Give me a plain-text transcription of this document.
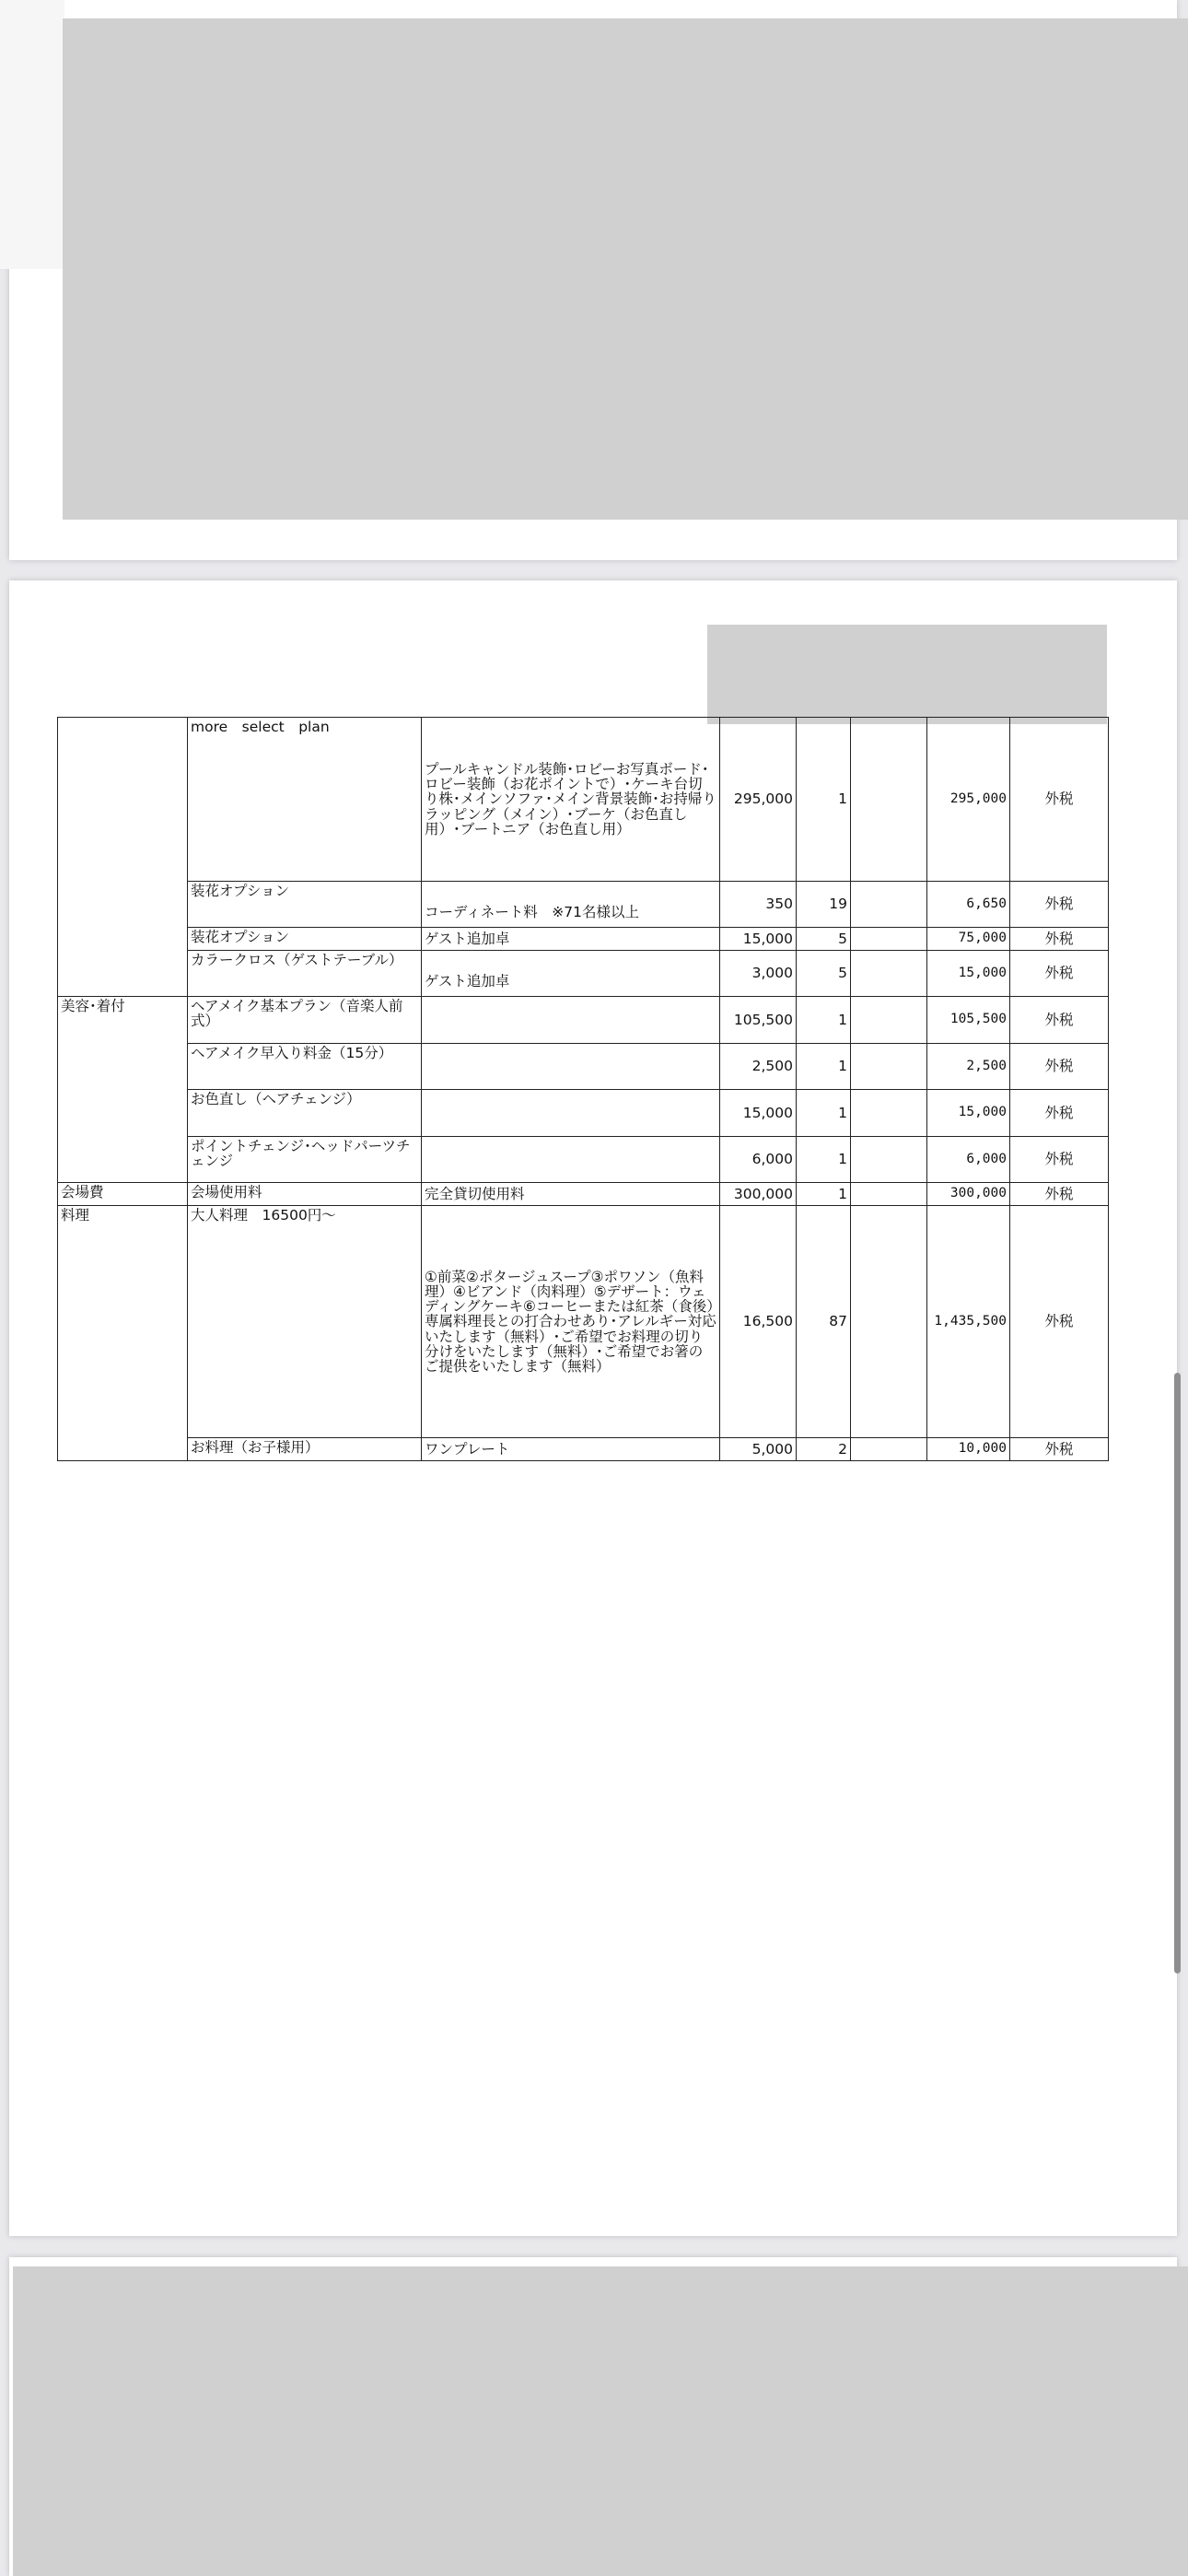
	more　select　plan	プールキャンドル装飾･ロビーお写真ボード･ロビー装飾（お花ポイントで）･ケーキ台切り株･メインソファ･メイン背景装飾･お持帰りラッピング（メイン）･ブーケ（お色直し用）･ブートニア（お色直し用）	295,000	1		295,000	外税
	装花オプション	コーディネート料　※71名様以上	350	19		6,650	外税
	装花オプション	ゲスト追加卓	15,000	5		75,000	外税
	カラークロス（ゲストテーブル）	ゲスト追加卓	3,000	5		15,000	外税
美容･着付	ヘアメイク基本プラン（音楽人前式）		105,500	1		105,500	外税
	ヘアメイク早入り料金（15分）		2,500	1		2,500	外税
	お色直し（ヘアチェンジ）		15,000	1		15,000	外税
	ポイントチェンジ･ヘッドパーツチェンジ		6,000	1		6,000	外税
会場費	会場使用料	完全貸切使用料	300,000	1		300,000	外税
料理	大人料理　16500円〜	①前菜②ポタージュスープ③ポワソン（魚料理）④ビアンド（肉料理）⑤デザート：ウェディングケーキ⑥コーヒーまたは紅茶（食後）専属料理長との打合わせあり･アレルギー対応いたします（無料）･ご希望でお料理の切り分けをいたします（無料）･ご希望でお箸のご提供をいたします（無料）	16,500	87		1,435,500	外税
	お料理（お子様用）	ワンプレート	5,000	2		10,000	外税
